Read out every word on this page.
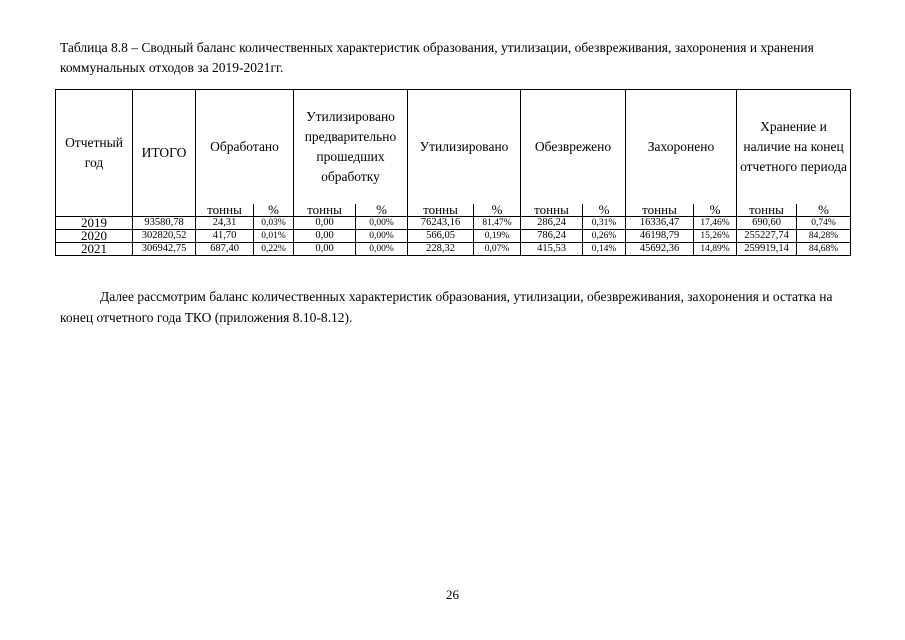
Таблица 8.8 – Сводный баланс количественных характеристик образования, утилизации, обезвреживания, захоронения и хранения коммунальных отходов за 2019-2021гг.
Отчетный год	ИТОГО	Обработано		Утилизировано предварительно прошедших обработку		Утилизировано		Обезврежено		Захоронено		Хранение и наличие на конец отчетного периода	
		тонны	%	тонны	%	тонны	%	тонны	%	тонны	%	тонны	%
2019	93580,78	24,31	0,03%	0,00	0,00%	76243,16	81,47%	286,24	0,31%	16336,47	17,46%	690,60	0,74%
2020	302820,52	41,70	0,01%	0,00	0,00%	566,05	0,19%	786,24	0,26%	46198,79	15,26%	255227,74	84,28%
2021	306942,75	687,40	0,22%	0,00	0,00%	228,32	0,07%	415,53	0,14%	45692,36	14,89%	259919,14	84,68%
Далее рассмотрим баланс количественных характеристик образования, утилизации, обезвреживания, захоронения и остатка на конец отчетного года ТКО (приложения 8.10-8.12).
26
